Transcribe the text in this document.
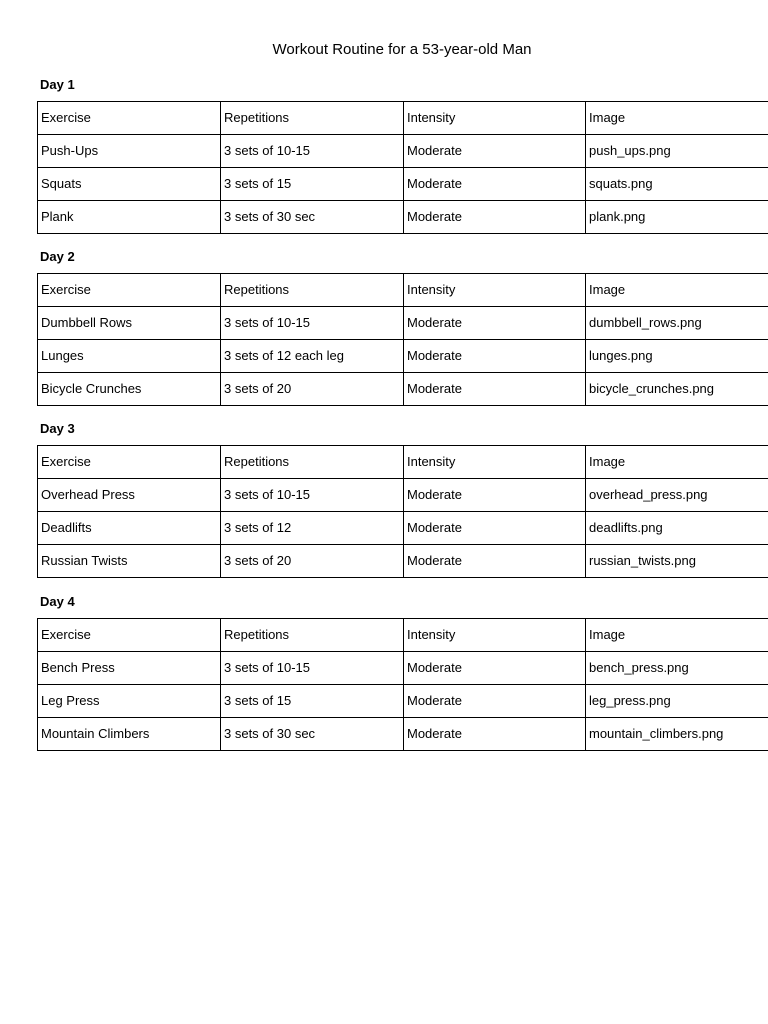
Workout Routine for a 53-year-old Man
Day 1
Exercise	Repetitions	Intensity	Image
Push-Ups	3 sets of 10-15	Moderate	push_ups.png
Squats	3 sets of 15	Moderate	squats.png
Plank	3 sets of 30 sec	Moderate	plank.png
Day 2
Exercise	Repetitions	Intensity	Image
Dumbbell Rows	3 sets of 10-15	Moderate	dumbbell_rows.png
Lunges	3 sets of 12 each leg	Moderate	lunges.png
Bicycle Crunches	3 sets of 20	Moderate	bicycle_crunches.png
Day 3
Exercise	Repetitions	Intensity	Image
Overhead Press	3 sets of 10-15	Moderate	overhead_press.png
Deadlifts	3 sets of 12	Moderate	deadlifts.png
Russian Twists	3 sets of 20	Moderate	russian_twists.png
Day 4
Exercise	Repetitions	Intensity	Image
Bench Press	3 sets of 10-15	Moderate	bench_press.png
Leg Press	3 sets of 15	Moderate	leg_press.png
Mountain Climbers	3 sets of 30 sec	Moderate	mountain_climbers.png
